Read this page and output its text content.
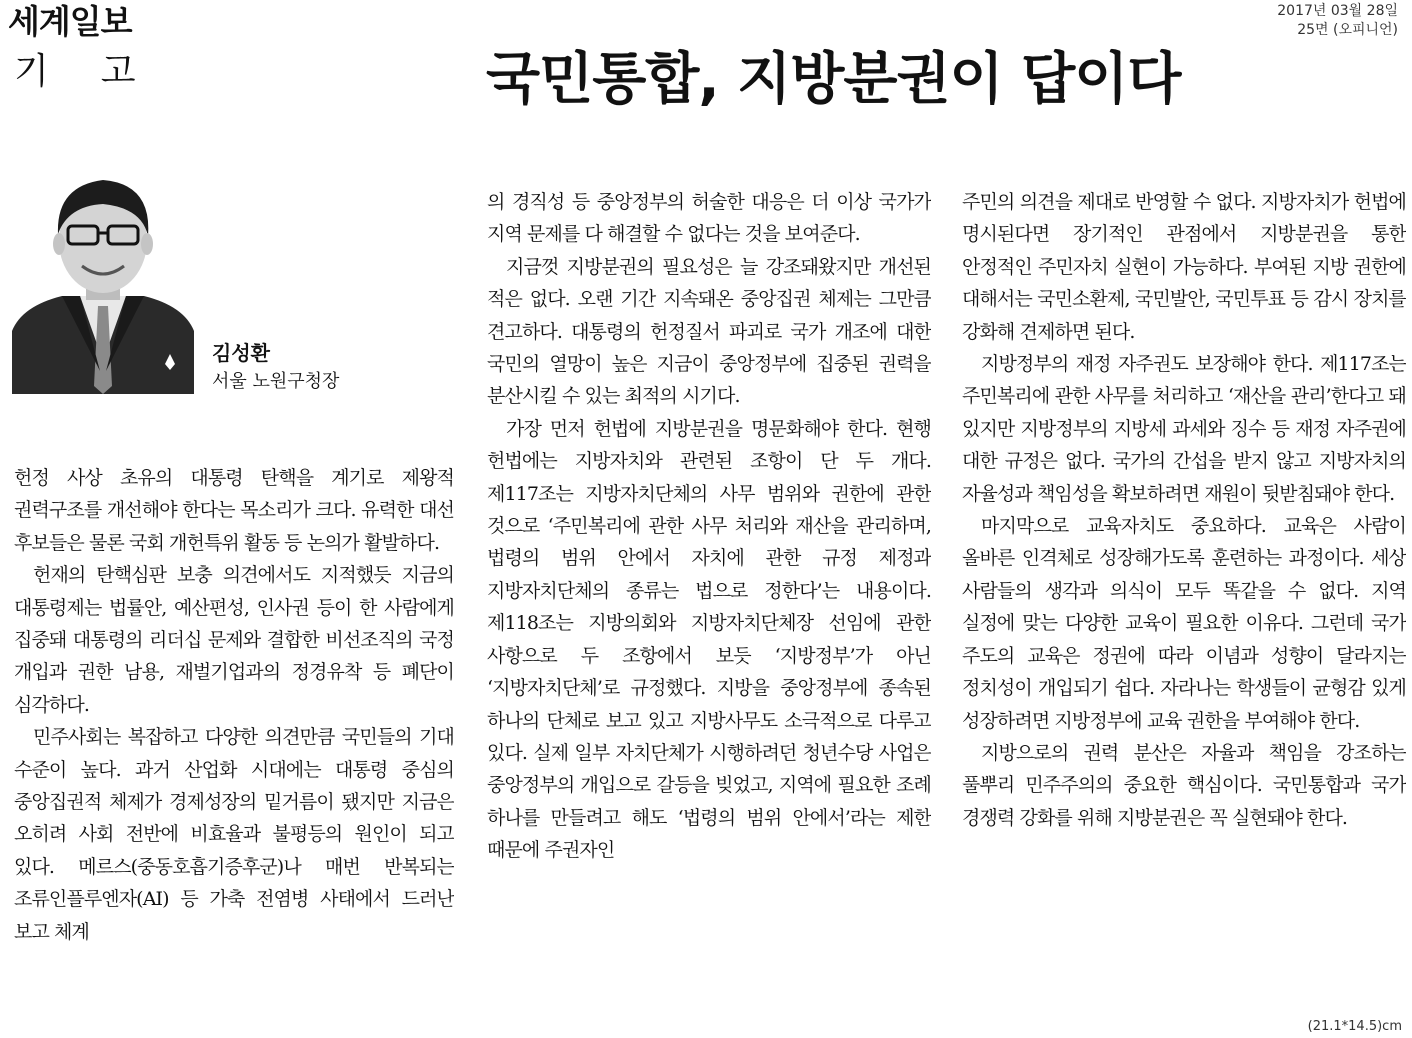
세계일보	2017년 03월 28일
25면 (오피니언)
기고	국민통합, 지방분권이 답이다
김성환
서울 노원구청장

헌정 사상 초유의 대통령 탄핵을 계기로 제왕적 권력구조를 개선해야 한다는 목소리가 크다. 유력한 대선 후보들은 물론 국회 개헌특위 활동 등 논의가 활발하다.

헌재의 탄핵심판 보충 의견에서도 지적했듯 지금의 대통령제는 법률안, 예산편성, 인사권 등이 한 사람에게 집중돼 대통령의 리더십 문제와 결합한 비선조직의 국정 개입과 권한 남용, 재벌기업과의 정경유착 등 폐단이 심각하다.

민주사회는 복잡하고 다양한 의견만큼 국민들의 기대 수준이 높다. 과거 산업화 시대에는 대통령 중심의 중앙집권적 체제가 경제성장의 밑거름이 됐지만 지금은 오히려 사회 전반에 비효율과 불평등의 원인이 되고 있다. 메르스(중동호흡기증후군)나 매번 반복되는 조류인플루엔자(AI) 등 가축 전염병 사태에서 드러난 보고 체계

의 경직성 등 중앙정부의 허술한 대응은 더 이상 국가가 지역 문제를 다 해결할 수 없다는 것을 보여준다.

지금껏 지방분권의 필요성은 늘 강조돼왔지만 개선된 적은 없다. 오랜 기간 지속돼온 중앙집권 체제는 그만큼 견고하다. 대통령의 헌정질서 파괴로 국가 개조에 대한 국민의 열망이 높은 지금이 중앙정부에 집중된 권력을 분산시킬 수 있는 최적의 시기다.

가장 먼저 헌법에 지방분권을 명문화해야 한다. 현행 헌법에는 지방자치와 관련된 조항이 단 두 개다. 제117조는 지방자치단체의 사무 범위와 권한에 관한 것으로 ‘주민복리에 관한 사무 처리와 재산을 관리하며, 법령의 범위 안에서 자치에 관한 규정 제정과 지방자치단체의 종류는 법으로 정한다’는 내용이다. 제118조는 지방의회와 지방자치단체장 선임에 관한 사항으로 두 조항에서 보듯 ‘지방정부’가 아닌 ‘지방자치단체’로 규정했다. 지방을 중앙정부에 종속된 하나의 단체로 보고 있고 지방사무도 소극적으로 다루고 있다. 실제 일부 자치단체가 시행하려던 청년수당 사업은 중앙정부의 개입으로 갈등을 빚었고, 지역에 필요한 조례 하나를 만들려고 해도 ‘법령의 범위 안에서’라는 제한 때문에 주권자인

주민의 의견을 제대로 반영할 수 없다. 지방자치가 헌법에 명시된다면 장기적인 관점에서 지방분권을 통한 안정적인 주민자치 실현이 가능하다. 부여된 지방 권한에 대해서는 국민소환제, 국민발안, 국민투표 등 감시 장치를 강화해 견제하면 된다.

지방정부의 재정 자주권도 보장해야 한다. 제117조는 주민복리에 관한 사무를 처리하고 ‘재산을 관리’한다고 돼 있지만 지방정부의 지방세 과세와 징수 등 재정 자주권에 대한 규정은 없다. 국가의 간섭을 받지 않고 지방자치의 자율성과 책임성을 확보하려면 재원이 뒷받침돼야 한다.

마지막으로 교육자치도 중요하다. 교육은 사람이 올바른 인격체로 성장해가도록 훈련하는 과정이다. 세상 사람들의 생각과 의식이 모두 똑같을 수 없다. 지역 실정에 맞는 다양한 교육이 필요한 이유다. 그런데 국가 주도의 교육은 정권에 따라 이념과 성향이 달라지는 정치성이 개입되기 쉽다. 자라나는 학생들이 균형감 있게 성장하려면 지방정부에 교육 권한을 부여해야 한다.

지방으로의 권력 분산은 자율과 책임을 강조하는 풀뿌리 민주주의의 중요한 핵심이다. 국민통합과 국가 경쟁력 강화를 위해 지방분권은 꼭 실현돼야 한다.

(21.1*14.5)cm
